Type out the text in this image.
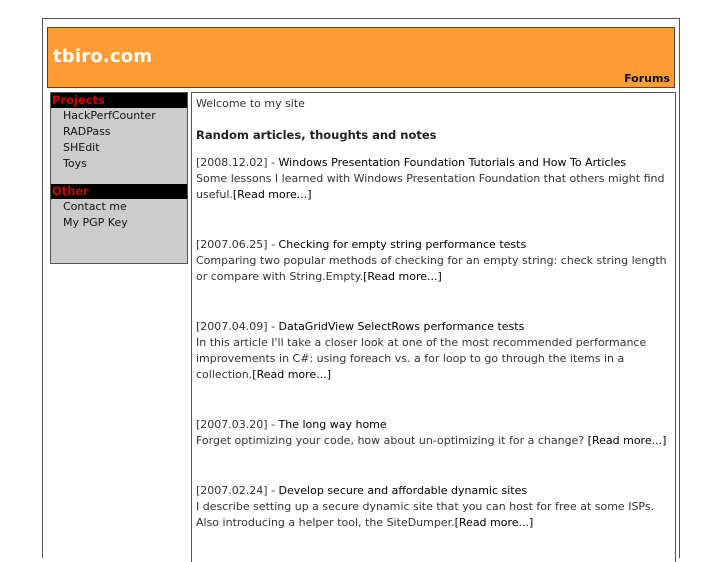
tbiro.com
Forums
Projects
HackPerfCounter
RADPass
SHEdit
Toys
Other
Contact me
My PGP Key
Welcome to my site
Random articles, thoughts and notes
[2008.12.02] - Windows Presentation Foundation Tutorials and How To Articles
Some lessons I learned with Windows Presentation Foundation that others might find useful.[Read more...]
[2007.06.25] - Checking for empty string performance tests
Comparing two popular methods of checking for an empty string: check string length or compare with String.Empty.[Read more...]
[2007.04.09] - DataGridView SelectRows performance tests
In this article I'll take a closer look at one of the most recommended performance improvements in C#: using foreach vs. a for loop to go through the items in a collection.[Read more...]
[2007.03.20] - The long way home
Forget optimizing your code, how about un-optimizing it for a change? [Read more...]
[2007.02.24] - Develop secure and affordable dynamic sites
I describe setting up a secure dynamic site that you can host for free at some ISPs. Also introducing a helper tool, the SiteDumper.[Read more...]
